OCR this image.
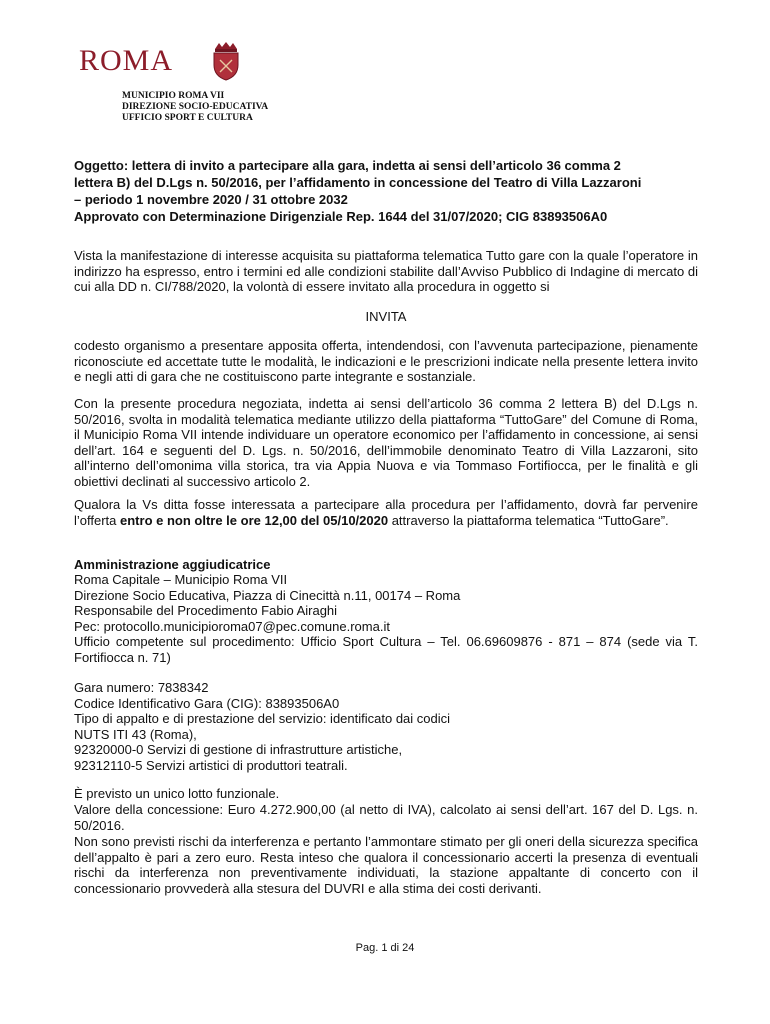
ROMA
MUNICIPIO ROMA VII
DIREZIONE SOCIO-EDUCATIVA
UFFICIO SPORT E CULTURA
Oggetto: lettera di invito a partecipare alla gara, indetta ai sensi dell’articolo 36 comma 2
lettera B) del D.Lgs n. 50/2016, per l’affidamento in concessione del Teatro di Villa Lazzaroni
– periodo 1 novembre 2020 / 31 ottobre 2032
Approvato con Determinazione Dirigenziale Rep. 1644 del 31/07/2020; CIG 83893506A0
Vista la manifestazione di interesse acquisita su piattaforma telematica Tutto gare con la quale l’operatore in indirizzo ha espresso, entro i termini ed alle condizioni stabilite dall’Avviso Pubblico di Indagine di mercato di cui alla DD n. CI/788/2020, la volontà di essere invitato alla procedura in oggetto si
INVITA
codesto organismo a presentare apposita offerta, intendendosi, con l’avvenuta partecipazione, pienamente riconosciute ed accettate tutte le modalità, le indicazioni e le prescrizioni indicate nella presente lettera invito e negli atti di gara che ne costituiscono parte integrante e sostanziale.
Con la presente procedura negoziata, indetta ai sensi dell’articolo 36 comma 2 lettera B) del D.Lgs n. 50/2016, svolta in modalità telematica mediante utilizzo della piattaforma “TuttoGare” del Comune di Roma, il Municipio Roma VII intende individuare un operatore economico per l’affidamento in concessione, ai sensi dell’art. 164 e seguenti del D. Lgs. n. 50/2016, dell’immobile denominato Teatro di Villa Lazzaroni, sito all’interno dell’omonima villa storica, tra via Appia Nuova e via Tommaso Fortifiocca, per le finalità e gli obiettivi declinati al successivo articolo 2.
Qualora la Vs ditta fosse interessata a partecipare alla procedura per l’affidamento, dovrà far pervenire l’offerta entro e non oltre le ore 12,00 del 05/10/2020 attraverso la piattaforma telematica “TuttoGare”.
Amministrazione aggiudicatrice
Roma Capitale – Municipio Roma VII
Direzione Socio Educativa, Piazza di Cinecittà n.11, 00174 – Roma
Responsabile del Procedimento Fabio Airaghi
Pec: protocollo.municipioroma07@pec.comune.roma.it
Ufficio competente sul procedimento: Ufficio Sport Cultura – Tel. 06.69609876 - 871 – 874 (sede via T. Fortifiocca n. 71)
Gara numero: 7838342
Codice Identificativo Gara (CIG): 83893506A0
Tipo di appalto e di prestazione del servizio: identificato dai codici
NUTS ITI 43 (Roma),
92320000-0 Servizi di gestione di infrastrutture artistiche,
92312110-5 Servizi artistici di produttori teatrali.
È previsto un unico lotto funzionale.
Valore della concessione: Euro 4.272.900,00 (al netto di IVA), calcolato ai sensi dell’art. 167 del D. Lgs. n. 50/2016.
Non sono previsti rischi da interferenza e pertanto l’ammontare stimato per gli oneri della sicurezza specifica dell’appalto è pari a zero euro. Resta inteso che qualora il concessionario accerti la presenza di eventuali rischi da interferenza non preventivamente individuati, la stazione appaltante di concerto con il concessionario provvederà alla stesura del DUVRI e alla stima dei costi derivanti.
Pag. 1 di 24
